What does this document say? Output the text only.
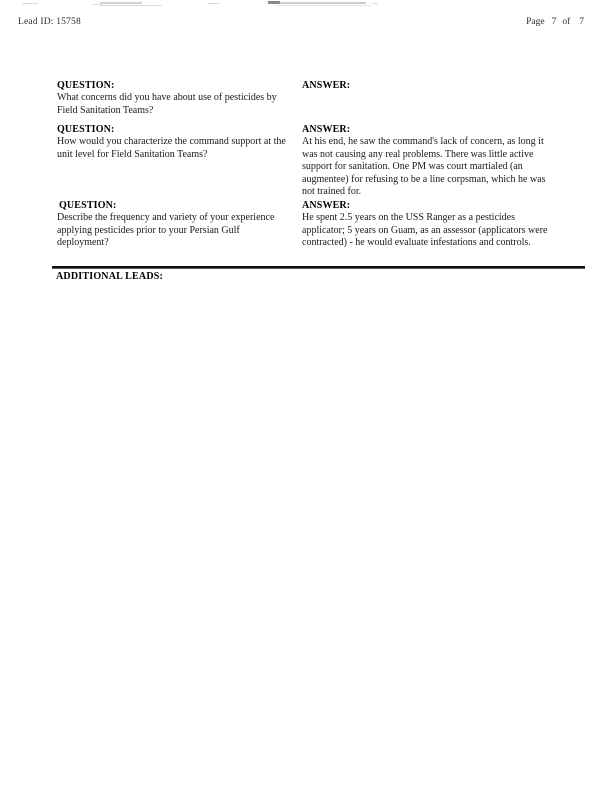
Lead ID: 15758	Page 7 of 7

QUESTION:

What concerns did you have about use of pesticides by Field Sanitation Teams?

ANSWER:

QUESTION:

How would you characterize the command support at the unit level for Field Sanitation Teams?

ANSWER:

At his end, he saw the command's lack of concern, as long it was not causing any real problems. There was little active support for sanitation. One PM was court martialed (an augmentee) for refusing to be a line corpsman, which he was not trained for.

QUESTION:

Describe the frequency and variety of your experience applying pesticides prior to your Persian Gulf deployment?

ANSWER:

He spent 2.5 years on the USS Ranger as a pesticides applicator; 5 years on Guam, as an assessor (applicators were contracted) - he would evaluate infestations and controls.

ADDITIONAL LEADS:
